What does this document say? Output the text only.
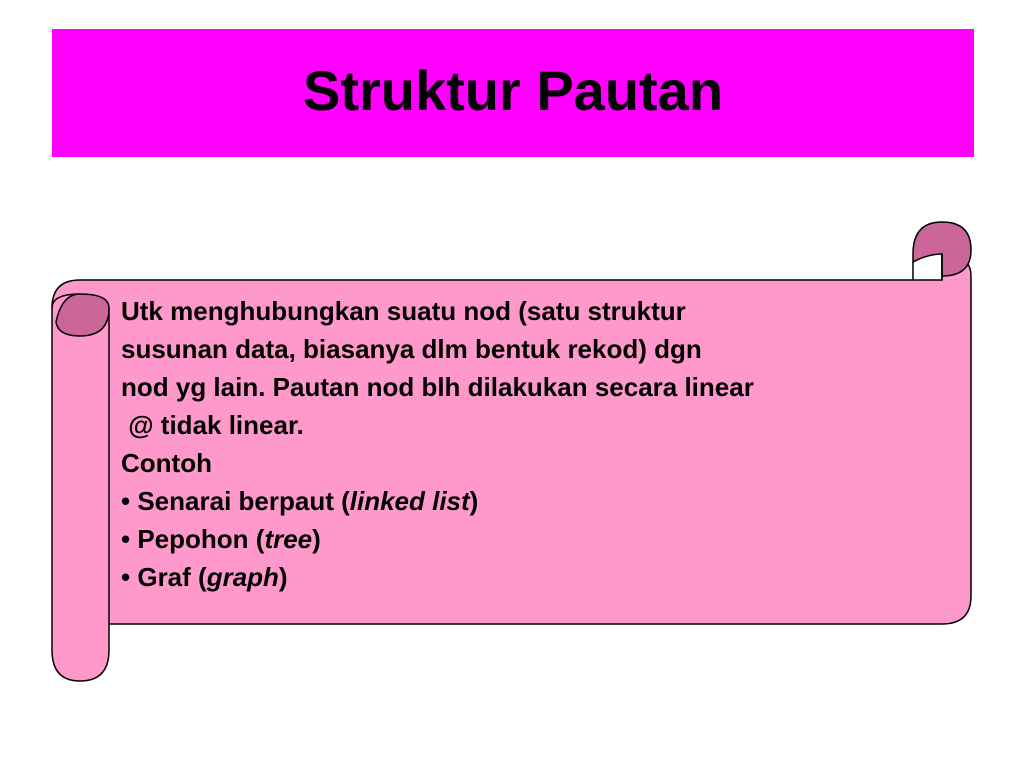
Struktur Pautan
Utk menghubungkan suatu nod (satu struktur
susunan data, biasanya dlm bentuk rekod) dgn
nod yg lain. Pautan nod blh dilakukan secara linear
@ tidak linear.
Contoh
• Senarai berpaut (linked list)
• Pepohon (tree)
• Graf (graph)
